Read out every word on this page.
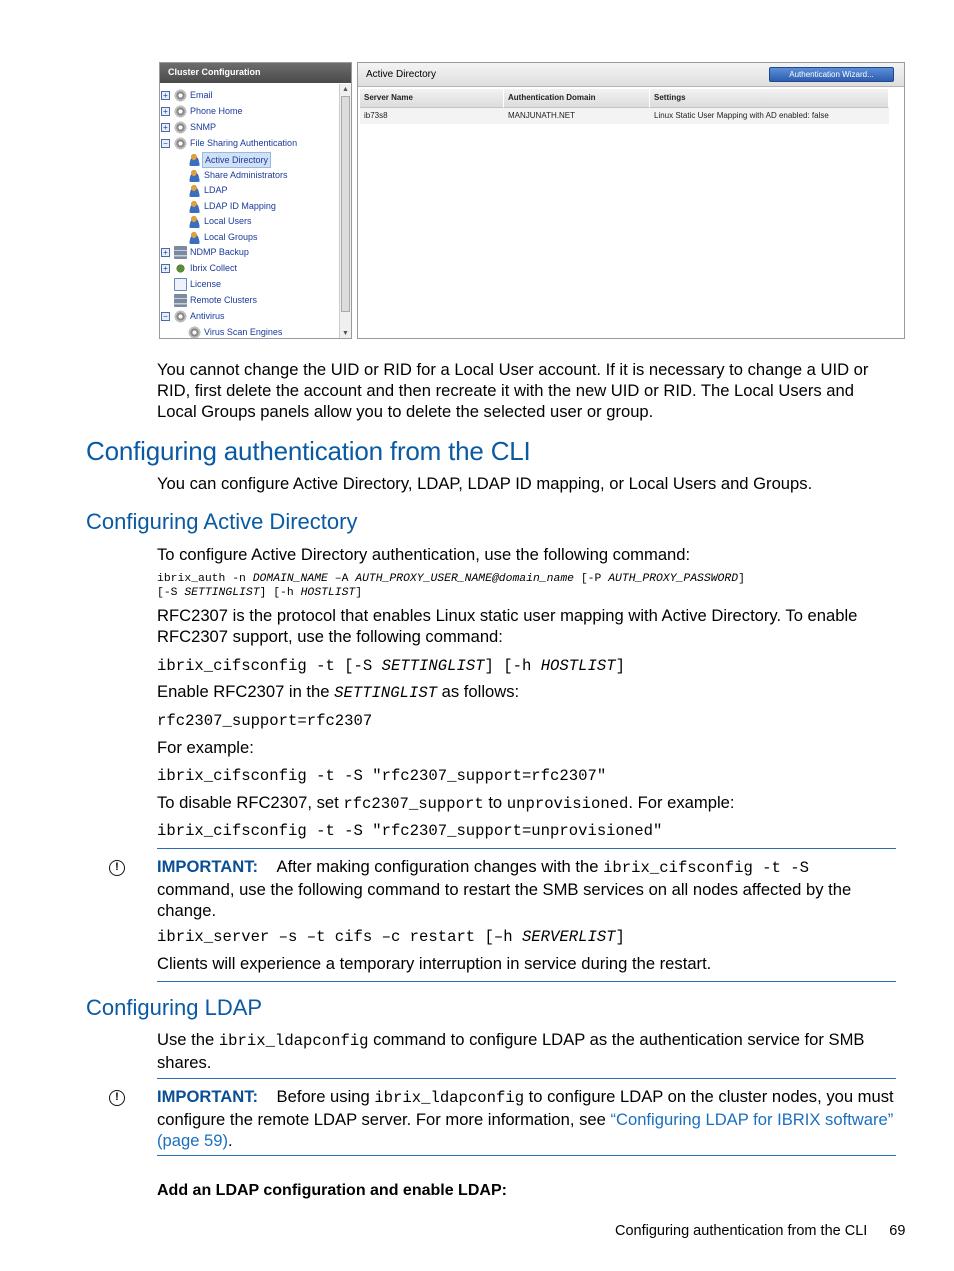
Cluster Configuration
+ Email
+ Phone Home
+ SNMP
− File Sharing Authentication
Active Directory
Share Administrators
LDAP
LDAP ID Mapping
Local Users
Local Groups
+ NDMP Backup
+ Ibrix Collect
License
Remote Clusters
− Antivirus
Virus Scan Engines
▲
▼
Active Directory	Authentication Wizard...
Server Name	Authentication Domain	Settings
ib73s8	MANJUNATH.NET	Linux Static User Mapping with AD enabled: false

You cannot change the UID or RID for a Local User account. If it is necessary to change a UID or RID, first delete the account and then recreate it with the new UID or RID. The Local Users and Local Groups panels allow you to delete the selected user or group.

Configuring authentication from the CLI

You can configure Active Directory, LDAP, LDAP ID mapping, or Local Users and Groups.

Configuring Active Directory

To configure Active Directory authentication, use the following command:

ibrix_auth -n DOMAIN_NAME –A AUTH_PROXY_USER_NAME@domain_name [-P AUTH_PROXY_PASSWORD]
[-S SETTINGLIST] [-h HOSTLIST]

RFC2307 is the protocol that enables Linux static user mapping with Active Directory. To enable RFC2307 support, use the following command:

ibrix_cifsconfig -t [-S SETTINGLIST] [-h HOSTLIST]

Enable RFC2307 in the SETTINGLIST as follows:

rfc2307_support=rfc2307

For example:

ibrix_cifsconfig -t -S "rfc2307_support=rfc2307"

To disable RFC2307, set rfc2307_support to unprovisioned. For example:

ibrix_cifsconfig -t -S "rfc2307_support=unprovisioned"
!	IMPORTANT: After making configuration changes with the ibrix_cifsconfig -t -S
command, use the following command to restart the SMB services on all nodes affected by the change.

ibrix_server –s –t cifs –c restart [–h SERVERLIST]

Clients will experience a temporary interruption in service during the restart.

Configuring LDAP

Use the ibrix_ldapconfig command to configure LDAP as the authentication service for SMB shares.

!	IMPORTANT: Before using ibrix_ldapconfig to configure LDAP on the cluster nodes, you must configure the remote LDAP server. For more information, see “Configuring LDAP for IBRIX software” (page 59).

Add an LDAP configuration and enable LDAP:
Configuring authentication from the CLI 69
